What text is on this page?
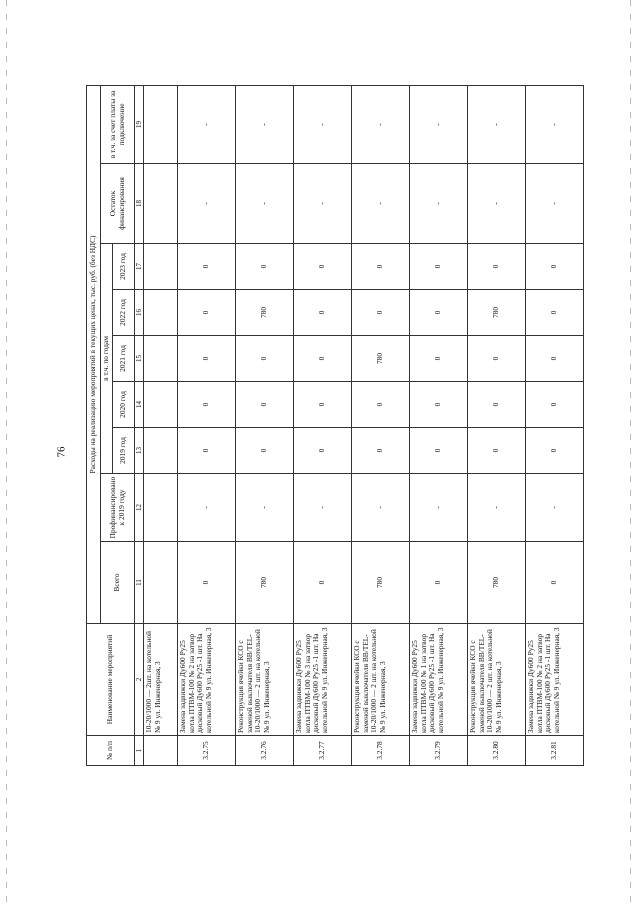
76
№ п/п	Наименование мероприятий	Расходы на реализацию мероприятий в текущих ценах, тыс. руб. (без НДС)								
		Всего	Профинансировано к 2019 году	в т.ч. по годам					Остаток финансирования	в т.ч. за счет платы за подключение
				2019 год	2020 год	2021 год	2022 год	2023 год		
1	2	11	12	13	14	15	16	17	18	19
	10-20/1000 — 2шт. на котельной № 9 ул. Инженерная, 3									
3.2.75	Замена задвижки Ду600 Ру25 котла ПТВМ-100 № 2 на затвор дисковый Ду600 Ру25 -1 шт. На котельной № 9 ул. Инженерная, 3	0	-	0	0	0	0	0	-	-
3.2.76	Реконструкция ячейки КСО с заменой выключателя ВВ/TEL-10-20/1000 — 2 шт. на котельной № 9 ул. Инженерная, 3	780	-	0	0	0	780	0	-	-
3.2.77	Замена задвижки Ду600 Ру25 котла ПТВМ-100 № 3 на затвор дисковый Ду600 Ру25 -1 шт. На котельной № 9 ул. Инженерная, 3	0	-	0	0	0	0	0	-	-
3.2.78	Реконструкция ячейки КСО с заменой выключателя ВВ/TEL-10-20/1000 — 2 шт. на котельной № 9 ул. Инженерная, 3	780	-	0	0	780	0	0	-	-
3.2.79	Замена задвижки Ду600 Ру25 котла ПТВМ-100 № 1 на затвор дисковый Ду600 Ру25 -1 шт. На котельной № 9 ул. Инженерная, 3	0	-	0	0	0	0	0	-	-
3.2.80	Реконструкция ячейки КСО с заменой выключателя ВВ/TEL-10-20/1000 — 2 шт. на котельной № 9 ул. Инженерная, 3	780	-	0	0	0	780	0	-	-
3.2.81	Замена задвижки Ду600 Ру25 котла ПТВМ-100 № 2 на затвор дисковый Ду600 Ру25 -1 шт. На котельной № 9 ул. Инженерная, 3	0	-	0	0	0	0	0	-	-
